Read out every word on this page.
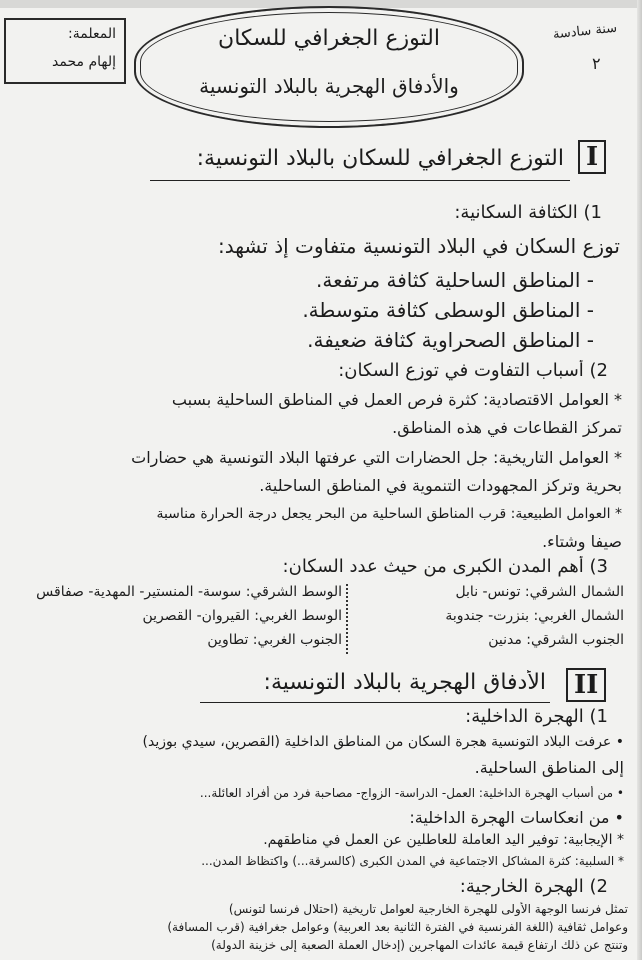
المعلمة:
إلهام محمد
التوزع الجغرافي للسكان
والأدفاق الهجرية بالبلاد التونسية
سنة سادسة
٢
I
التوزع الجغرافي للسكان بالبلاد التونسية:
1) الكثافة السكانية:
توزع السكان في البلاد التونسية متفاوت إذ تشهد:
- المناطق الساحلية كثافة مرتفعة.
- المناطق الوسطى كثافة متوسطة.
- المناطق الصحراوية كثافة ضعيفة.
2) أسباب التفاوت في توزع السكان:
* العوامل الاقتصادية: كثرة فرص العمل في المناطق الساحلية بسبب
تمركز القطاعات في هذه المناطق.
* العوامل التاريخية: جل الحضارات التي عرفتها البلاد التونسية هي حضارات
بحرية وتركز المجهودات التنموية في المناطق الساحلية.
* العوامل الطبيعية: قرب المناطق الساحلية من البحر يجعل درجة الحرارة مناسبة
صيفا وشتاء.
3) أهم المدن الكبرى من حيث عدد السكان:
الشمال الشرقي: تونس- نابل
الشمال الغربي: بنزرت- جندوبة
الجنوب الشرقي: مدنين
الوسط الشرقي: سوسة- المنستير- المهدية- صفاقس
الوسط الغربي: القيروان- القصرين
الجنوب الغربي: تطاوين
II
الأدفاق الهجرية بالبلاد التونسية:
1) الهجرة الداخلية:
• عرفت البلاد التونسية هجرة السكان من المناطق الداخلية (القصرين، سيدي بوزيد)
إلى المناطق الساحلية.
• من أسباب الهجرة الداخلية: العمل- الدراسة- الزواج- مصاحبة فرد من أفراد العائلة...
• من انعكاسات الهجرة الداخلية:
* الإيجابية: توفير اليد العاملة للعاطلين عن العمل في مناطقهم.
* السلبية: كثرة المشاكل الاجتماعية في المدن الكبرى (كالسرقة...) واكتظاظ المدن...
2) الهجرة الخارجية:
تمثل فرنسا الوجهة الأولى للهجرة الخارجية لعوامل تاريخية (احتلال فرنسا لتونس)
وعوامل ثقافية (اللغة الفرنسية في الفترة الثانية بعد العربية) وعوامل جغرافية (قرب المسافة)
وتنتج عن ذلك ارتفاع قيمة عائدات المهاجرين (إدخال العملة الصعبة إلى خزينة الدولة)
